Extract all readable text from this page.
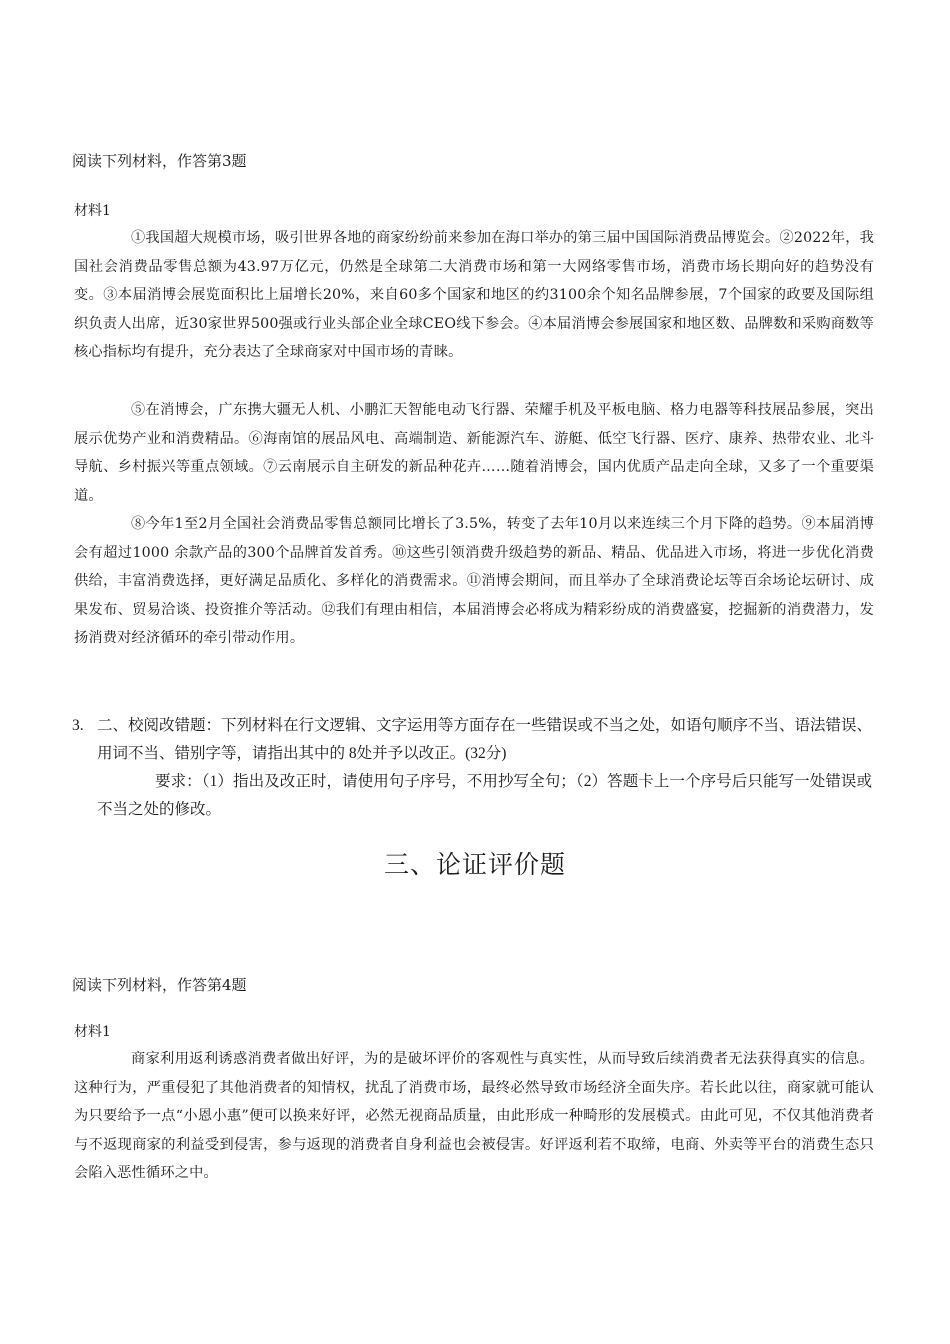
阅读下列材料，作答第3题
材料1

①我国超大规模市场，吸引世界各地的商家纷纷前来参加在海口举办的第三届中国国际消费品博览会。②2022年，我国社会消费品零售总额为43.97万亿元，仍然是全球第二大消费市场和第一大网络零售市场，消费市场长期向好的趋势没有变。③本届消博会展览面积比上届增长20%，来自60多个国家和地区的约3100余个知名品牌参展，7个国家的政要及国际组织负责人出席，近30家世界500强或行业头部企业全球CEO线下参会。④本届消博会参展国家和地区数、品牌数和采购商数等核心指标均有提升，充分表达了全球商家对中国市场的青睐。

⑤在消博会，广东携大疆无人机、小鹏汇天智能电动飞行器、荣耀手机及平板电脑、格力电器等科技展品参展，突出展示优势产业和消费精品。⑥海南馆的展品风电、高端制造、新能源汽车、游艇、低空飞行器、医疗、康养、热带农业、北斗导航、乡村振兴等重点领域。⑦云南展示自主研发的新品种花卉……随着消博会，国内优质产品走向全球，又多了一个重要渠道。

⑧今年1至2月全国社会消费品零售总额同比增长了3.5%，转变了去年10月以来连续三个月下降的趋势。⑨本届消博会有超过1000 余款产品的300个品牌首发首秀。⑩这些引领消费升级趋势的新品、精品、优品进入市场，将进一步优化消费供给，丰富消费选择，更好满足品质化、多样化的消费需求。⑪消博会期间，而且举办了全球消费论坛等百余场论坛研讨、成果发布、贸易洽谈、投资推介等活动。⑫我们有理由相信，本届消博会必将成为精彩纷成的消费盛宴，挖掘新的消费潜力，发扬消费对经济循环的牵引带动作用。

3. 二、校阅改错题：下列材料在行文逻辑、文字运用等方面存在一些错误或不当之处，如语句顺序不当、语法错误、用词不当、错别字等，请指出其中的 8处并予以改正。(32分)
要求：（1）指出及改正时，请使用句子序号，不用抄写全句；（2）答题卡上一个序号后只能写一处错误或不当之处的修改。
三、论证评价题
阅读下列材料，作答第4题
材料1

商家利用返利诱惑消费者做出好评，为的是破坏评价的客观性与真实性，从而导致后续消费者无法获得真实的信息。这种行为，严重侵犯了其他消费者的知情权，扰乱了消费市场，最终必然导致市场经济全面失序。若长此以往，商家就可能认为只要给予一点“小恩小惠”便可以换来好评，必然无视商品质量，由此形成一种畸形的发展模式。由此可见，不仅其他消费者与不返现商家的利益受到侵害，参与返现的消费者自身利益也会被侵害。好评返利若不取缔，电商、外卖等平台的消费生态只会陷入恶性循环之中。
